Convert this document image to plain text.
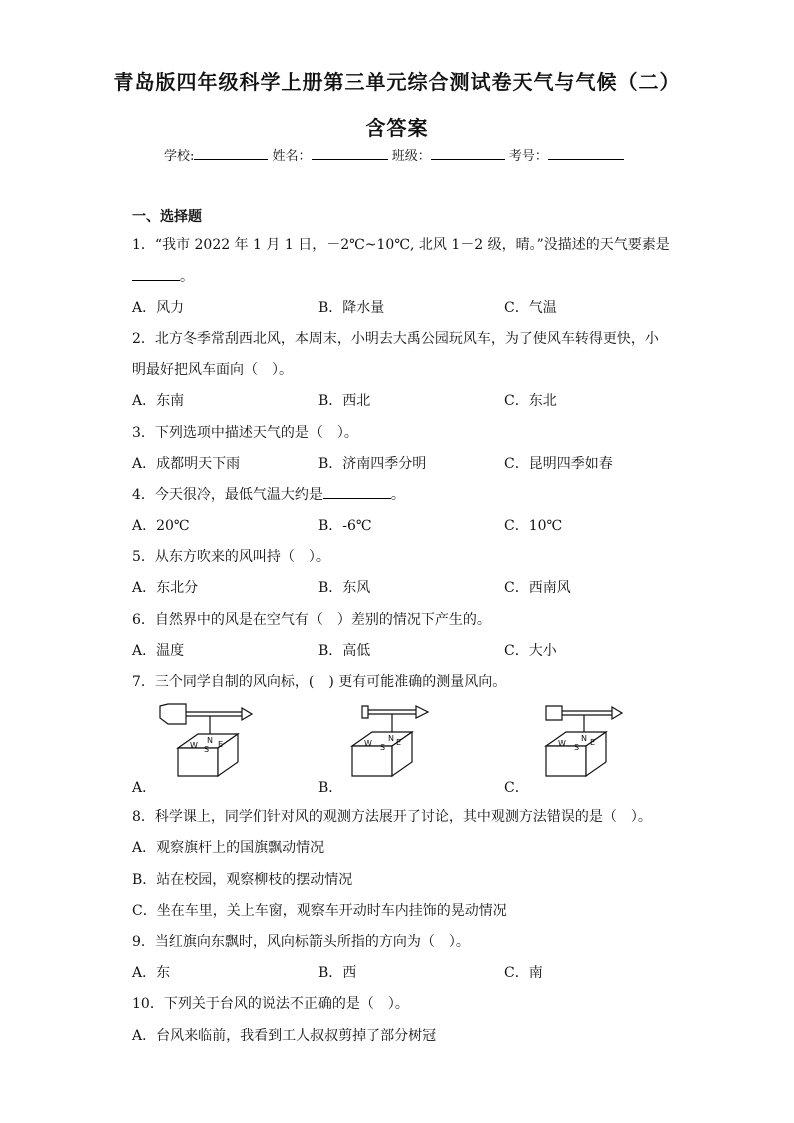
青岛版四年级科学上册第三单元综合测试卷天气与气候（二）
含答案
学校:	姓名：	班级：	考号：
一、选择题
1．“我市 2022 年 1 月 1 日，－2℃~10℃, 北风 1－2 级，晴。”没描述的天气要素是
。
A．风力	B．降水量	C．气温
2．北方冬季常刮西北风，本周末，小明去大禹公园玩风车，为了使风车转得更快，小
明最好把风车面向（　）。
A．东南	B．西北	C．东北
3．下列选项中描述天气的是（　）。
A．成都明天下雨	B．济南四季分明	C．昆明四季如春
4．今天很冷，最低气温大约是	。
A．20℃	B．-6℃	C．10℃
5．从东方吹来的风叫持（　）。
A．东北分	B．东风	C．西南风
6．自然界中的风是在空气有（　）差别的情况下产生的。
A．温度	B．高低	C．大小
7．三个同学自制的风向标，(　) 更有可能准确的测量风向。
N
W S
E
N
W S
E	N
W S
E
A．	B．	C．
8．科学课上，同学们针对风的观测方法展开了讨论，其中观测方法错误的是（　）。
A．观察旗杆上的国旗飘动情况
B．站在校园，观察柳枝的摆动情况
C．坐在车里，关上车窗，观察车开动时车内挂饰的晃动情况
9．当红旗向东飘时，风向标箭头所指的方向为（　）。
A．东	B．西	C．南
10．下列关于台风的说法不正确的是（　）。
A．台风来临前，我看到工人叔叔剪掉了部分树冠
